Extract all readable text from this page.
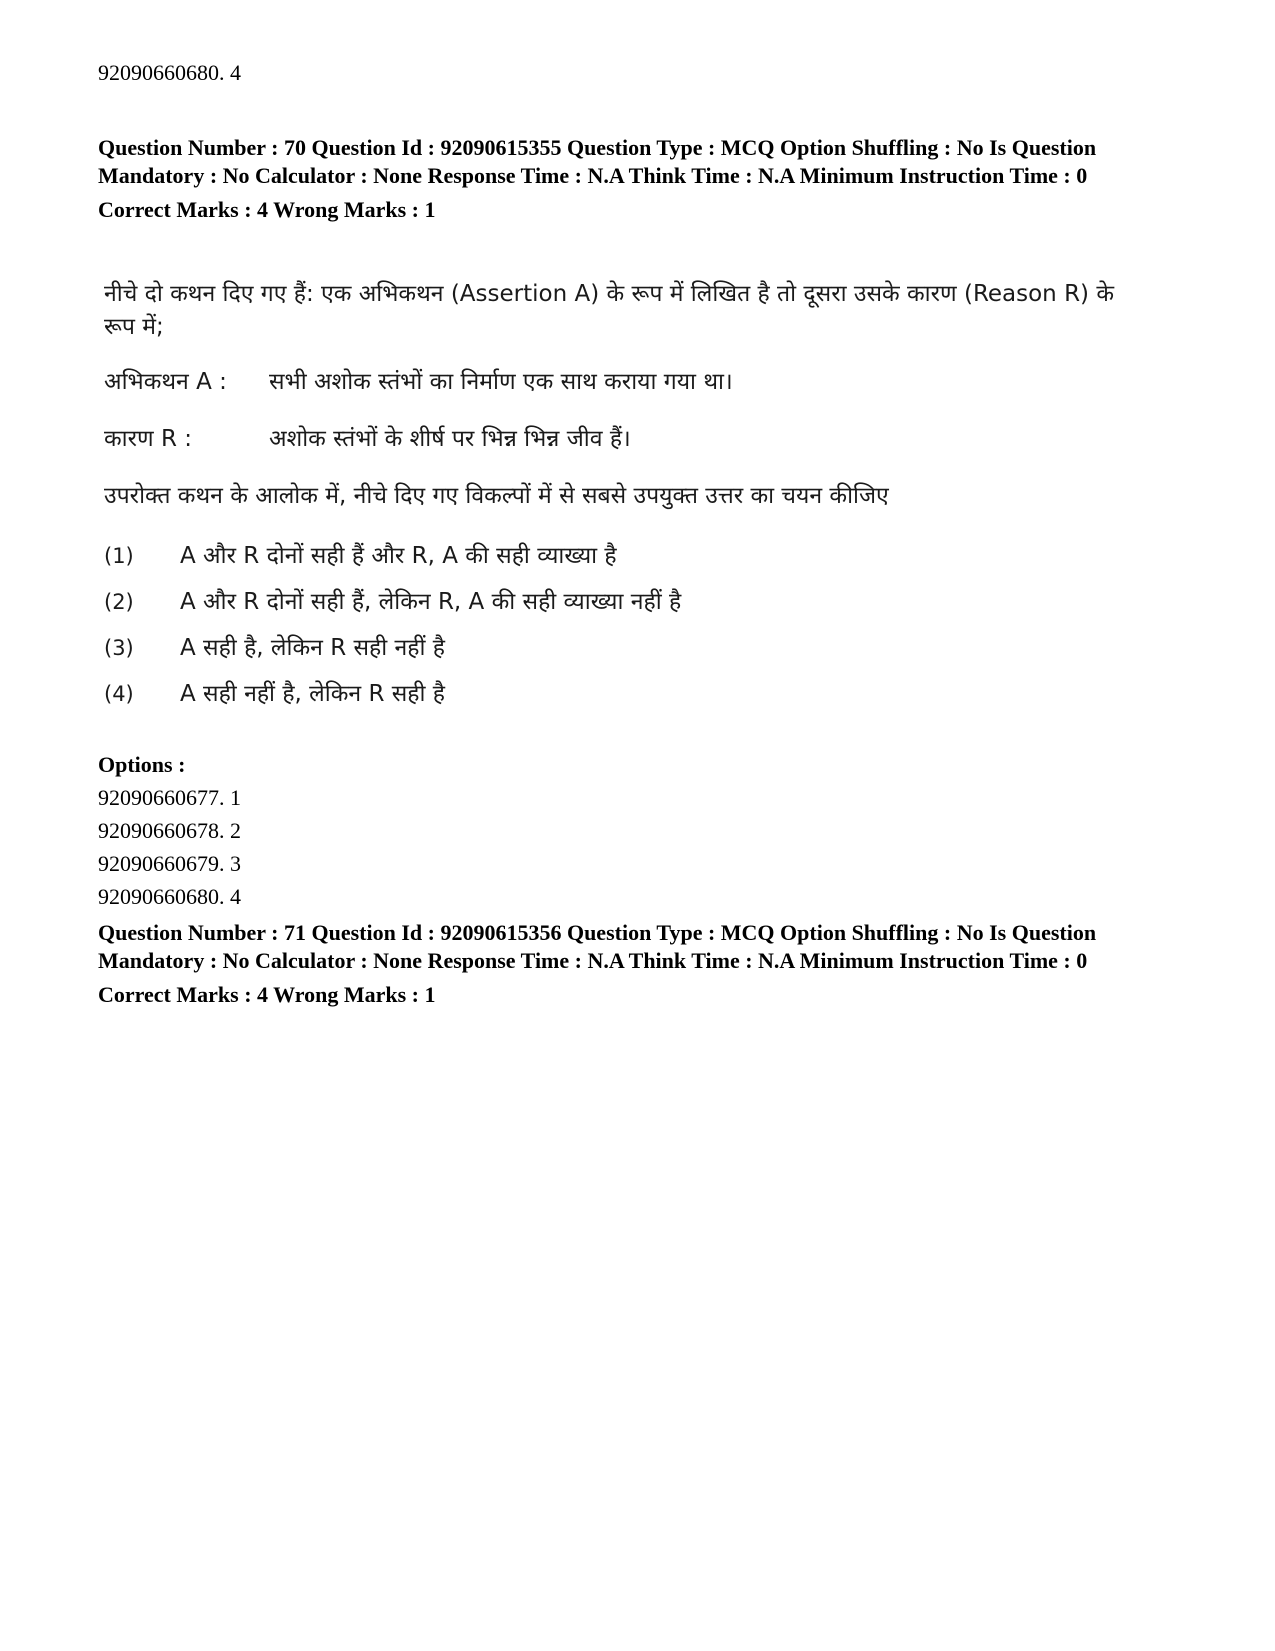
92090660680. 4

Question Number : 70 Question Id : 92090615355 Question Type : MCQ Option Shuffling : No Is Question Mandatory : No Calculator : None Response Time : N.A Think Time : N.A Minimum Instruction Time : 0

Correct Marks : 4 Wrong Marks : 1

नीचे दो कथन दिए गए हैं: एक अभिकथन (Assertion A) के रूप में लिखित है तो दूसरा उसके कारण (Reason R) के रूप में;

अभिकथन A :	सभी अशोक स्तंभों का निर्माण एक साथ कराया गया था।

कारण R :	अशोक स्तंभों के शीर्ष पर भिन्न भिन्न जीव हैं।

उपरोक्त कथन के आलोक में, नीचे दिए गए विकल्पों में से सबसे उपयुक्त उत्तर का चयन कीजिए

(1)	A और R दोनों सही हैं और R, A की सही व्याख्या है
(2)	A और R दोनों सही हैं, लेकिन R, A की सही व्याख्या नहीं है
(3)	A सही है, लेकिन R सही नहीं है
(4)	A सही नहीं है, लेकिन R सही है
Options :
92090660677. 1
92090660678. 2
92090660679. 3
92090660680. 4

Question Number : 71 Question Id : 92090615356 Question Type : MCQ Option Shuffling : No Is Question Mandatory : No Calculator : None Response Time : N.A Think Time : N.A Minimum Instruction Time : 0

Correct Marks : 4 Wrong Marks : 1
